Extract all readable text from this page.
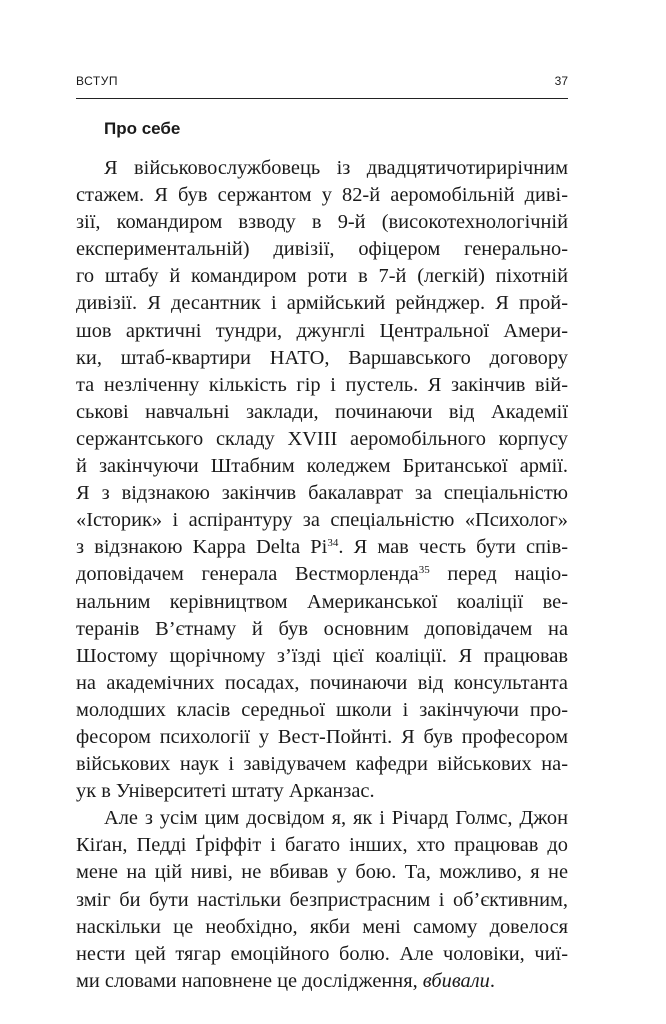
ВСТУП	37
Про себе

Я військовослужбовець із двадцятичотирирічним
стажем. Я був сержантом у 82-й аеромобільній диві-
зії, командиром взводу в 9-й (високотехнологічній
експериментальній) дивізії, офіцером генерально-
го штабу й командиром роти в 7-й (легкій) піхотній
дивізії. Я десантник і армійський рейнджер. Я прой-
шов арктичні тундри, джунглі Центральної Амери-
ки, штаб-квартири НАТО, Варшавського договору
та незліченну кількість гір і пустель. Я закінчив вій-
ськові навчальні заклади, починаючи від Академії
сержантського складу XVIII аеромобільного корпусу
й закінчуючи Штабним коледжем Британської армії.
Я з відзнакою закінчив бакалаврат за спеціальністю
«Історик» і аспірантуру за спеціальністю «Психолог»
з відзнакою Kappa Delta Pi$^{34}$. Я мав честь бути спів-
доповідачем генерала Вестморленда$^{35}$ перед націо-
нальним керівництвом Американської коаліції ве-
теранів В’єтнаму й був основним доповідачем на
Шостому щорічному з’їзді цієї коаліції. Я працював
на академічних посадах, починаючи від консультанта
молодших класів середньої школи і закінчуючи про-
фесором психології у Вест-Пойнті. Я був професором
військових наук і завідувачем кафедри військових на-
ук в Університеті штату Арканзас.

Але з усім цим досвідом я, як і Річард Голмс, Джон
Кіґан, Педді Ґріффіт і багато інших, хто працював до
мене на цій ниві, не вбивав у бою. Та, можливо, я не
зміг би бути настільки безпристрасним і об’єктивним,
наскільки це необхідно, якби мені самому довелося
нести цей тягар емоційного болю. Але чоловіки, чиї-
ми словами наповнене це дослідження, вбивали.
